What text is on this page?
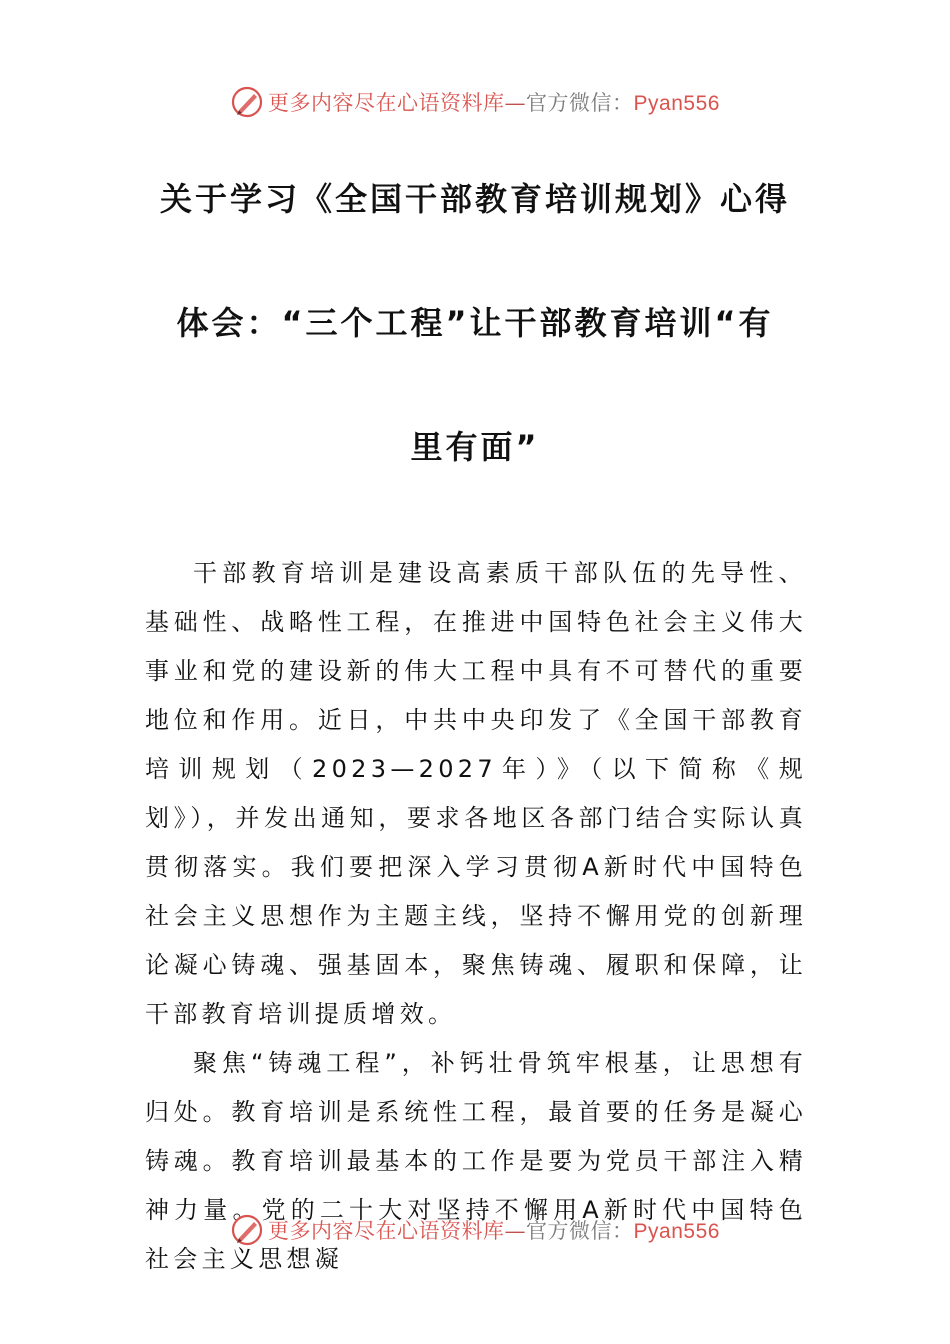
更多内容尽在心语资料库—官方微信：Pyan556
关于学习《全国干部教育培训规划》心得
体会：“三个工程”让干部教育培训“有
里有面”

干部教育培训是建设高素质干部队伍的先导性、基础性、战略性工程，在推进中国特色社会主义伟大事业和党的建设新的伟大工程中具有不可替代的重要地位和作用。近日，中共中央印发了《全国干部教育培训规划（2023—2027年）》（以下简称《规划》），并发出通知，要求各地区各部门结合实际认真贯彻落实。我们要把深入学习贯彻A新时代中国特色社会主义思想作为主题主线，坚持不懈用党的创新理论凝心铸魂、强基固本，聚焦铸魂、履职和保障，让干部教育培训提质增效。

聚焦“铸魂工程”，补钙壮骨筑牢根基，让思想有归处。教育培训是系统性工程，最首要的任务是凝心铸魂。教育培训最基本的工作是要为党员干部注入精神力量。党的二十大对坚持不懈用A新时代中国特色社会主义思想凝

更多内容尽在心语资料库—官方微信：Pyan556
